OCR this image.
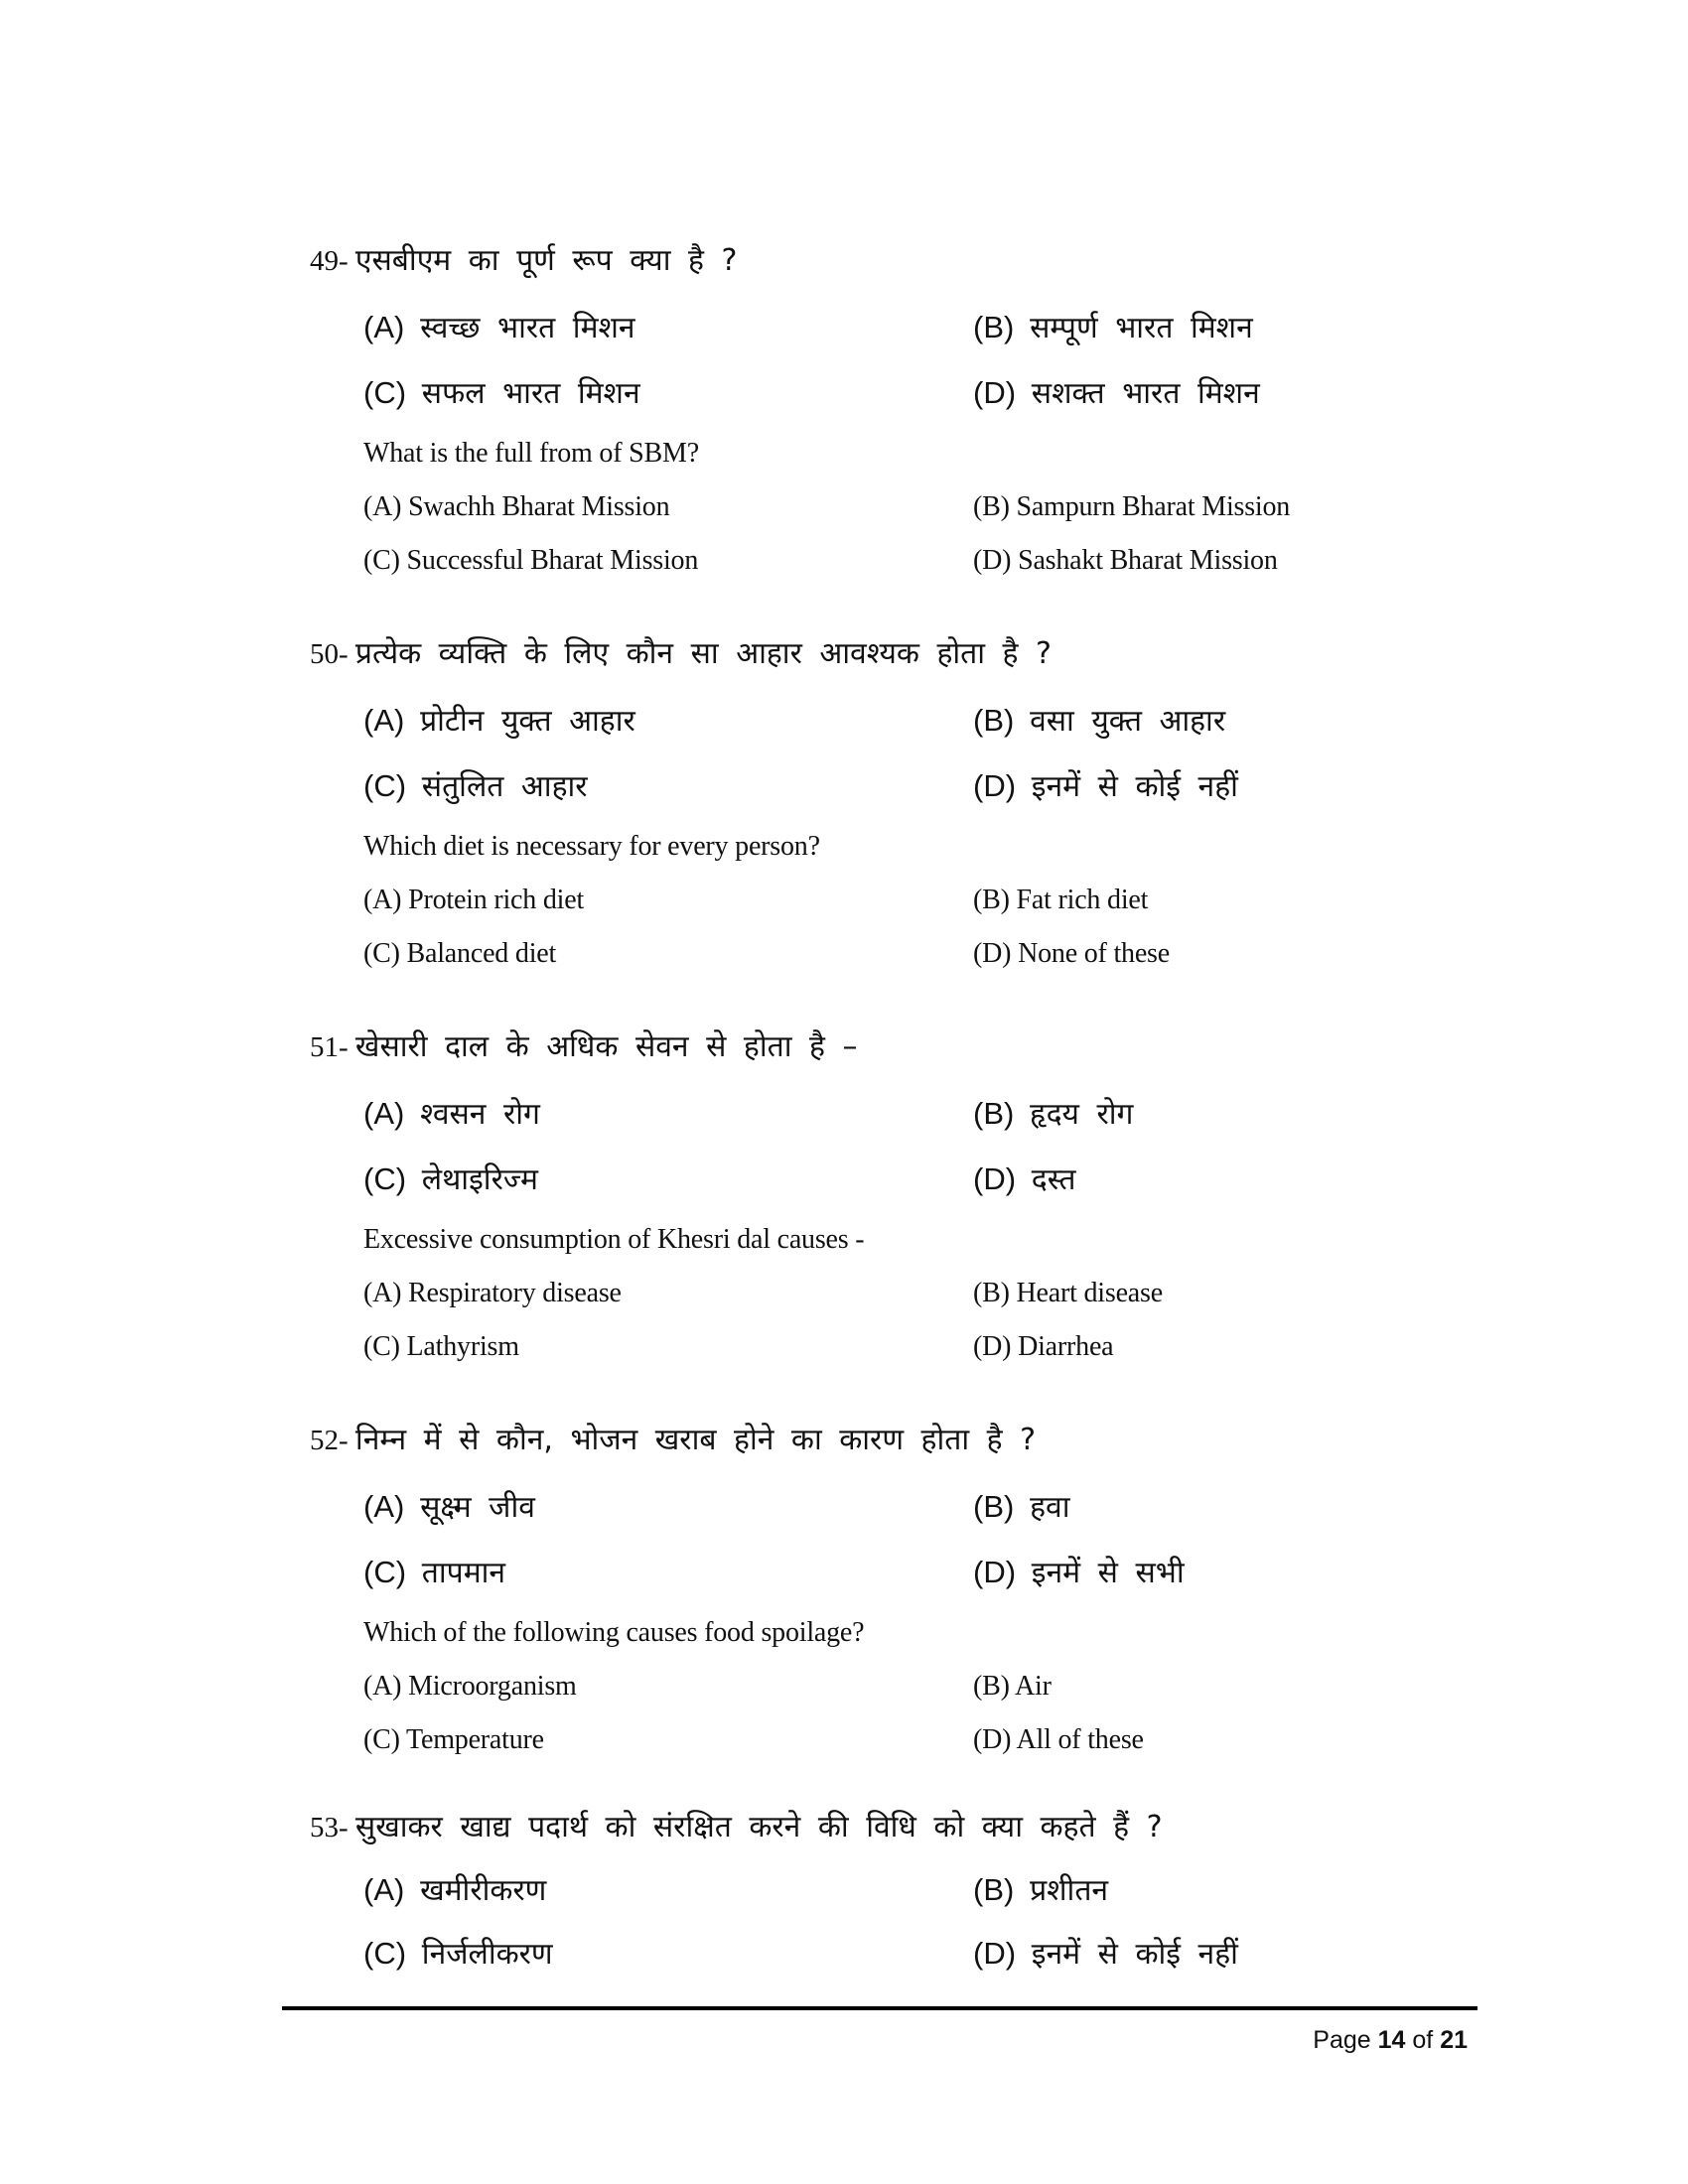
49- एसबीएम का पूर्ण रूप क्या है ?
(A) स्वच्छ भारत मिशन	(B) सम्पूर्ण भारत मिशन
(C) सफल भारत मिशन	(D) सशक्त भारत मिशन
What is the full from of SBM?
(A) Swachh Bharat Mission	(B) Sampurn Bharat Mission
(C) Successful Bharat Mission	(D) Sashakt Bharat Mission
50- प्रत्येक व्यक्ति के लिए कौन सा आहार आवश्यक होता है ?
(A) प्रोटीन युक्त आहार	(B) वसा युक्त आहार
(C) संतुलित आहार	(D) इनमें से कोई नहीं
Which diet is necessary for every person?
(A) Protein rich diet	(B) Fat rich diet
(C) Balanced diet	(D) None of these
51- खेसारी दाल के अधिक सेवन से होता है –
(A) श्वसन रोग	(B) हृदय रोग
(C) लेथाइरिज्म	(D) दस्त
Excessive consumption of Khesri dal causes -
(A) Respiratory disease	(B) Heart disease
(C) Lathyrism	(D) Diarrhea
52- निम्न में से कौन, भोजन खराब होने का कारण होता है ?
(A) सूक्ष्म जीव	(B) हवा
(C) तापमान	(D) इनमें से सभी
Which of the following causes food spoilage?
(A) Microorganism	(B) Air
(C) Temperature	(D) All of these
53- सुखाकर खाद्य पदार्थ को संरक्षित करने की विधि को क्या कहते हैं ?
(A) खमीरीकरण	(B) प्रशीतन
(C) निर्जलीकरण	(D) इनमें से कोई नहीं
Page 14 of 21
